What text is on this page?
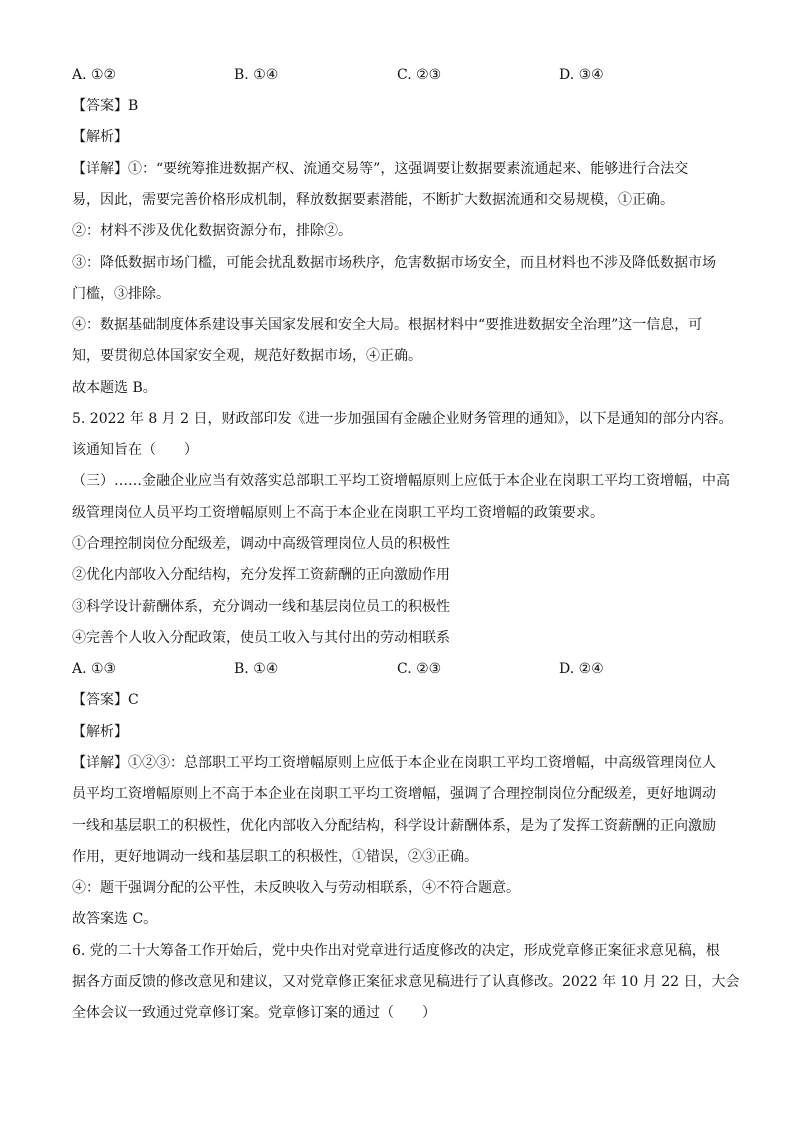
A. ①②	B. ①④	C. ②③	D. ③④
【答案】B
【解析】
【详解】①：“要统筹推进数据产权、流通交易等”，这强调要让数据要素流通起来、能够进行合法交
易，因此，需要完善价格形成机制，释放数据要素潜能，不断扩大数据流通和交易规模，①正确。
②：材料不涉及优化数据资源分布，排除②。
③：降低数据市场门槛，可能会扰乱数据市场秩序，危害数据市场安全，而且材料也不涉及降低数据市场
门槛，③排除。
④：数据基础制度体系建设事关国家发展和安全大局。根据材料中“要推进数据安全治理”这一信息，可
知，要贯彻总体国家安全观，规范好数据市场，④正确。
故本题选 B。
5. 2022 年 8 月 2 日，财政部印发《进一步加强国有金融企业财务管理的通知》，以下是通知的部分内容。
该通知旨在（　　）
（三）……金融企业应当有效落实总部职工平均工资增幅原则上应低于本企业在岗职工平均工资增幅，中高
级管理岗位人员平均工资增幅原则上不高于本企业在岗职工平均工资增幅的政策要求。
①合理控制岗位分配级差，调动中高级管理岗位人员的积极性
②优化内部收入分配结构，充分发挥工资薪酬的正向激励作用
③科学设计薪酬体系，充分调动一线和基层岗位员工的积极性
④完善个人收入分配政策，使员工收入与其付出的劳动相联系
A. ①③	B. ①④	C. ②③	D. ②④
【答案】C
【解析】
【详解】①②③：总部职工平均工资增幅原则上应低于本企业在岗职工平均工资增幅，中高级管理岗位人
员平均工资增幅原则上不高于本企业在岗职工平均工资增幅，强调了合理控制岗位分配级差，更好地调动
一线和基层职工的积极性，优化内部收入分配结构，科学设计薪酬体系，是为了发挥工资薪酬的正向激励
作用，更好地调动一线和基层职工的积极性，①错误，②③正确。
④：题干强调分配的公平性，未反映收入与劳动相联系，④不符合题意。
故答案选 C。
6. 党的二十大筹备工作开始后，党中央作出对党章进行适度修改的决定，形成党章修正案征求意见稿，根
据各方面反馈的修改意见和建议，又对党章修正案征求意见稿进行了认真修改。2022 年 10 月 22 日，大会
全体会议一致通过党章修订案。党章修订案的通过（　　）
